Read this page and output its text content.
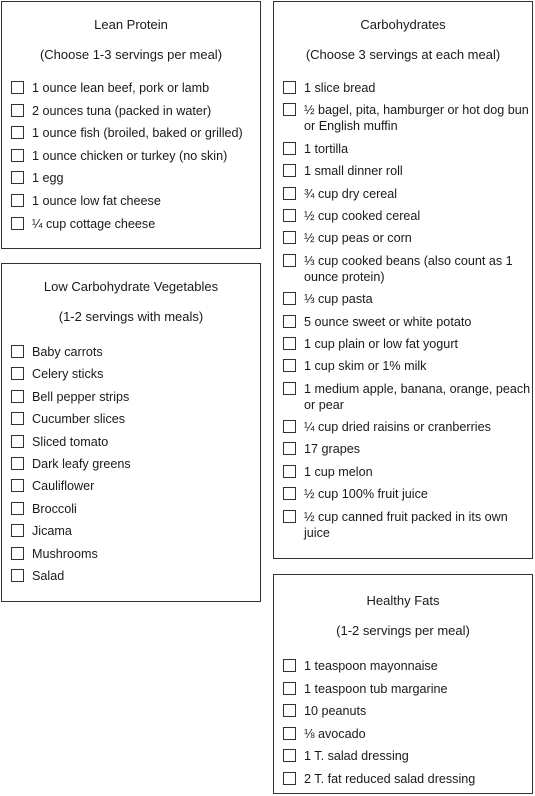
Lean Protein
(Choose 1-3 servings per meal)
1 ounce lean beef, pork or lamb
2 ounces tuna (packed in water)
1 ounce fish (broiled, baked or grilled)
1 ounce chicken or turkey (no skin)
1 egg
1 ounce low fat cheese
¼ cup cottage cheese
Low Carbohydrate Vegetables
(1-2 servings with meals)
Baby carrots
Celery sticks
Bell pepper strips
Cucumber slices
Sliced tomato
Dark leafy greens
Cauliflower
Broccoli
Jicama
Mushrooms
Salad
Carbohydrates
(Choose 3 servings at each meal)
1 slice bread
½ bagel, pita, hamburger or hot dog bun or English muffin
1 tortilla
1 small dinner roll
¾ cup dry cereal
½ cup cooked cereal
½ cup peas or corn
⅓ cup cooked beans (also count as 1 ounce protein)
⅓ cup pasta
5 ounce sweet or white potato
1 cup plain or low fat yogurt
1 cup skim or 1% milk
1 medium apple, banana, orange, peach or pear
¼ cup dried raisins or cranberries
17 grapes
1 cup melon
½ cup 100% fruit juice
½ cup canned fruit packed in its own juice
Healthy Fats
(1-2 servings per meal)
1 teaspoon mayonnaise
1 teaspoon tub margarine
10 peanuts
⅛ avocado
1 T. salad dressing
2 T. fat reduced salad dressing
